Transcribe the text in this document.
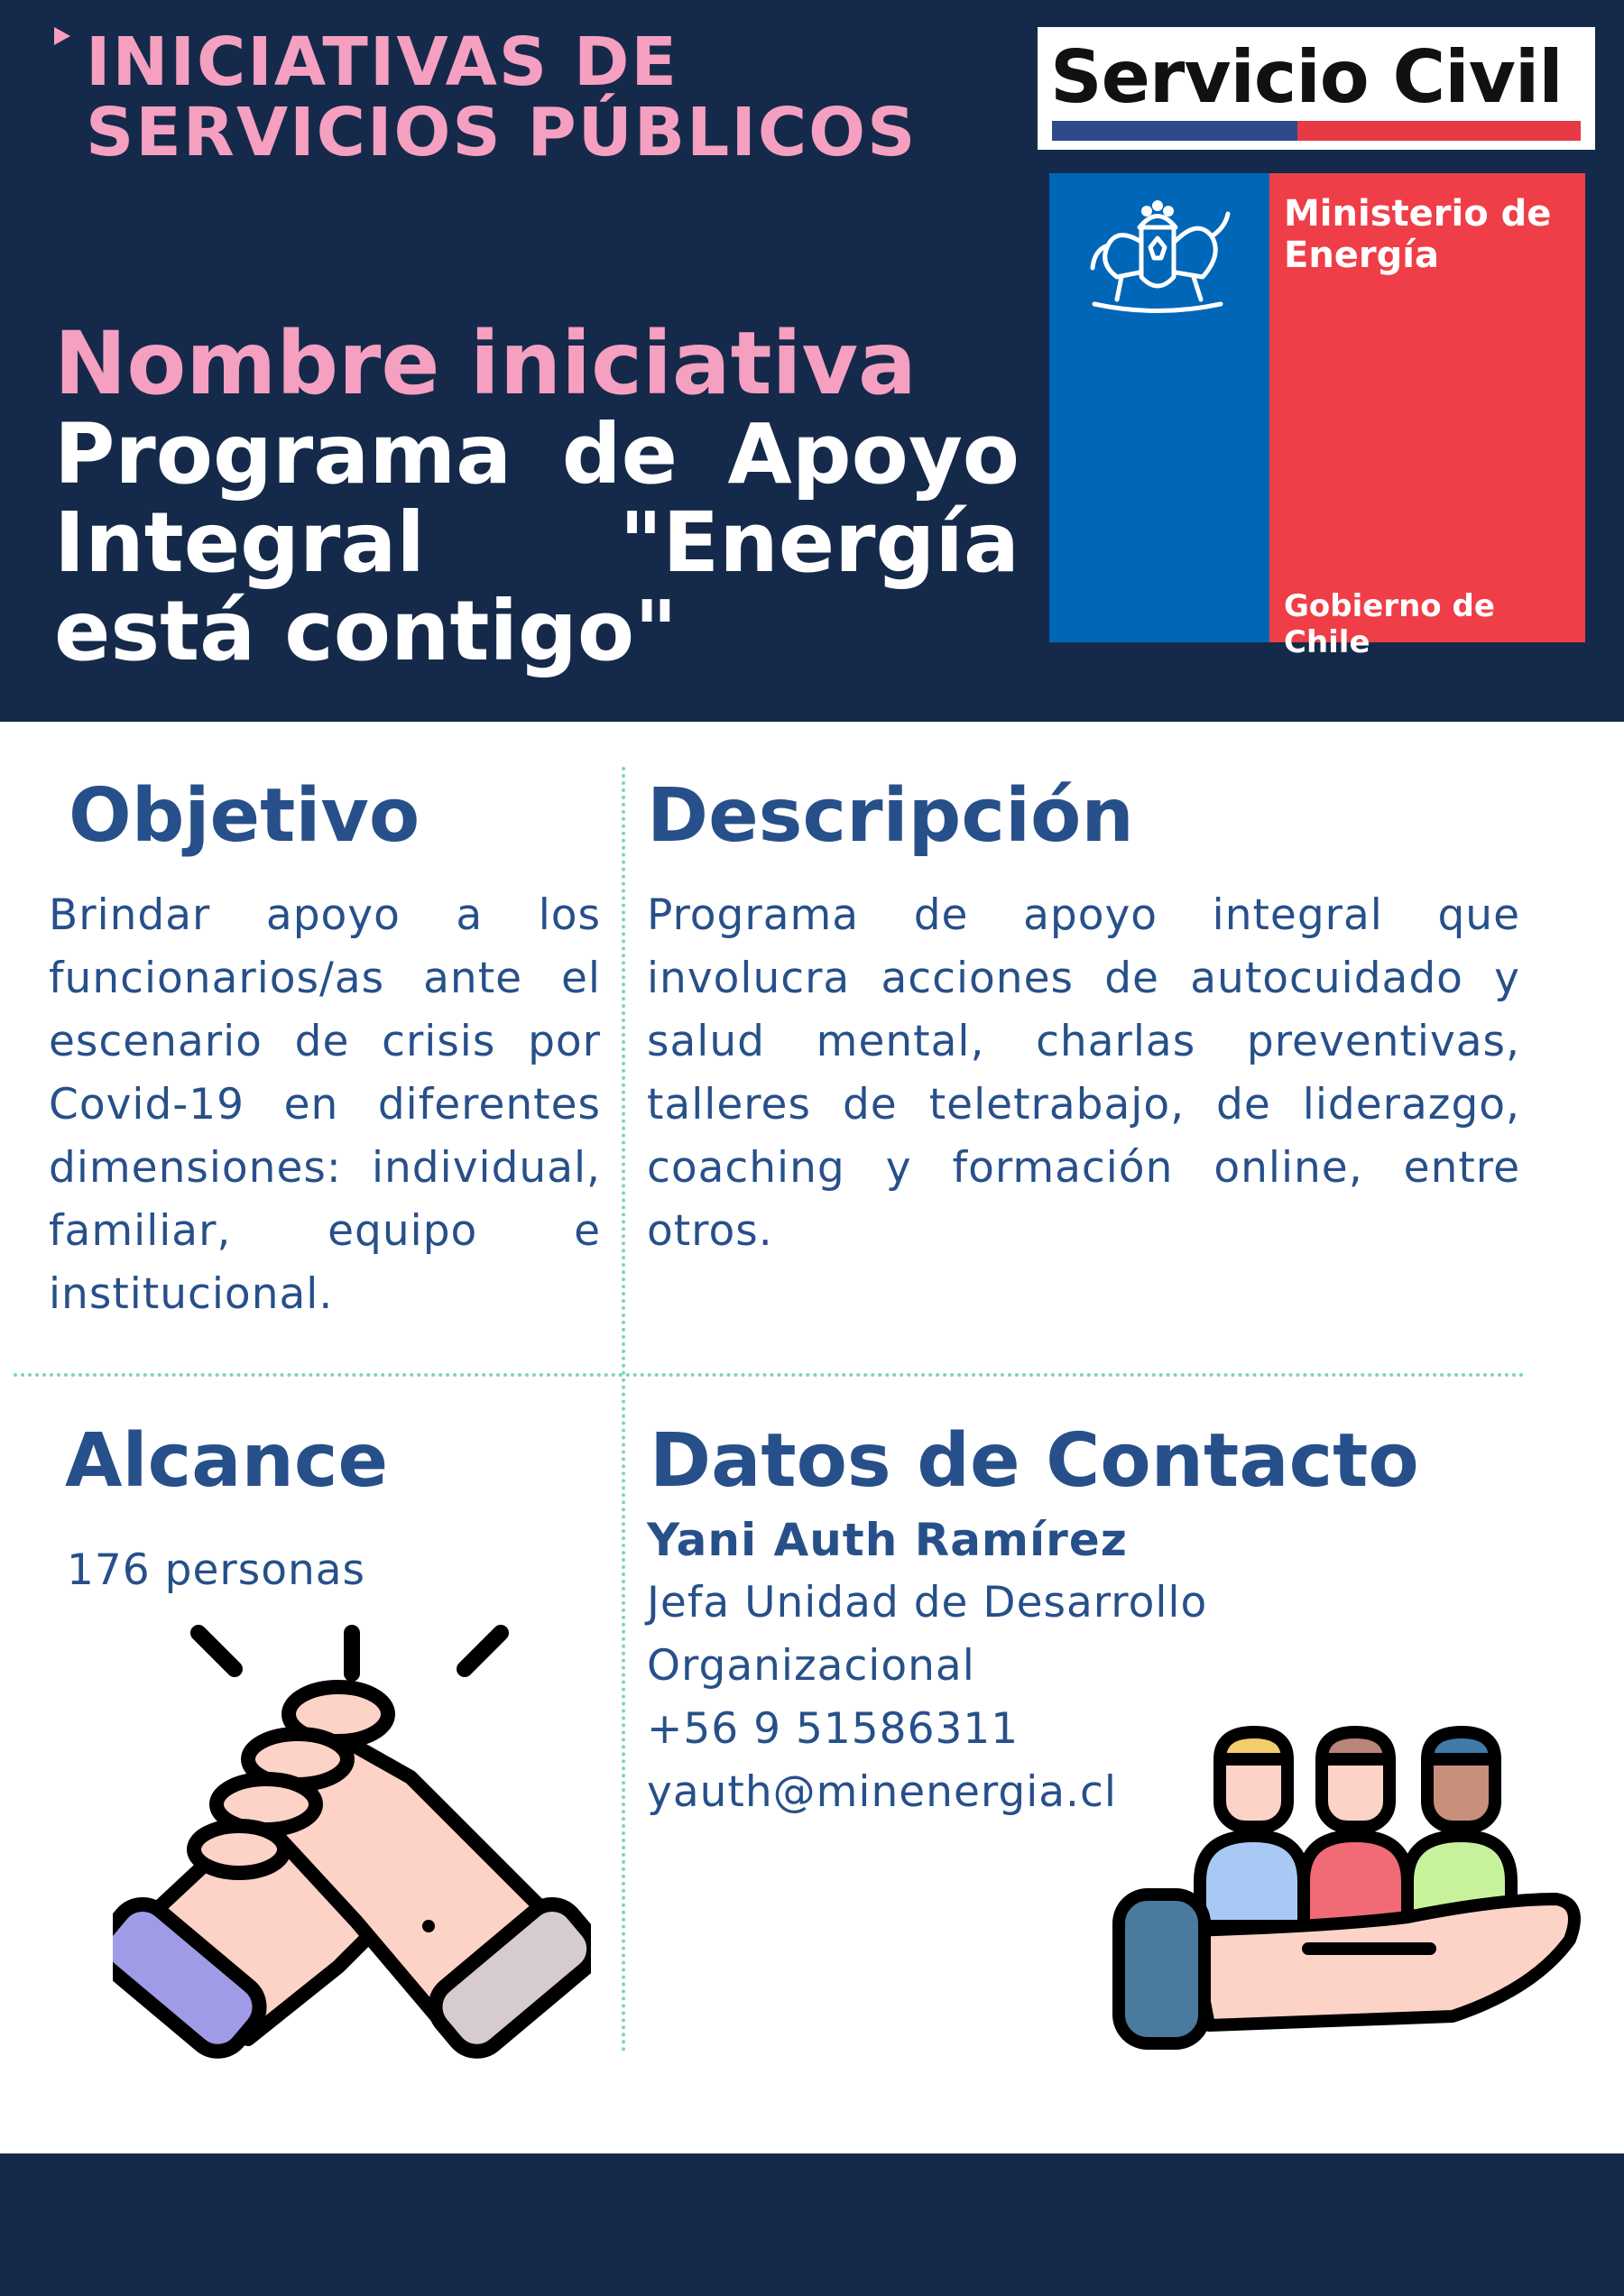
INICIATIVAS DE SERVICIOS PÚBLICOS

Nombre iniciativa
Programa de Apoyo Integral "Energía está contigo"
Servicio Civil
Ministerio de Energía
Gobierno de Chile
Objetivo

Brindar apoyo a los funcionarios/as ante el escenario de crisis por Covid-19 en diferentes dimensiones: individual, familiar, equipo e institucional.

Descripción

Programa de apoyo integral que involucra acciones de autocuidado y salud mental, charlas preventivas, talleres de teletrabajo, de liderazgo, coaching y formación online, entre otros.

Alcance

176 personas

Datos de Contacto

Yani Auth Ramírez

Jefa Unidad de Desarrollo Organizacional

+56 9 51586311

yauth@minenergia.cl
